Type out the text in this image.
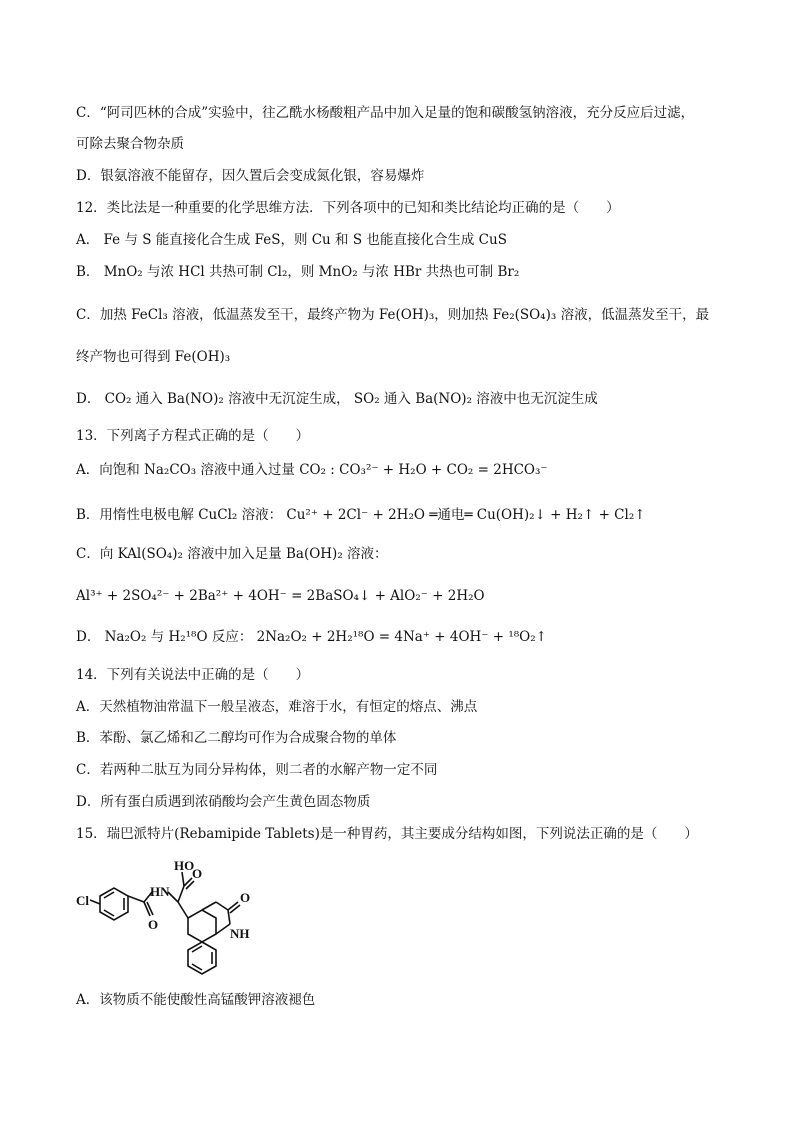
C．“阿司匹林的合成”实验中，往乙酰水杨酸粗产品中加入足量的饱和碳酸氢钠溶液，充分反应后过滤，
可除去聚合物杂质
D．银氨溶液不能留存，因久置后会变成氮化银，容易爆炸
12．类比法是一种重要的化学思维方法．下列各项中的已知和类比结论均正确的是（　　）
A． Fe 与 S 能直接化合生成 FeS，则 Cu 和 S 也能直接化合生成 CuS
B． MnO₂ 与浓 HCl 共热可制 Cl₂，则 MnO₂ 与浓 HBr 共热也可制 Br₂
C．加热 FeCl₃ 溶液，低温蒸发至干，最终产物为 Fe(OH)₃，则加热 Fe₂(SO₄)₃ 溶液，低温蒸发至干，最
终产物也可得到 Fe(OH)₃
D． CO₂ 通入 Ba(NO)₂ 溶液中无沉淀生成， SO₂ 通入 Ba(NO)₂ 溶液中也无沉淀生成
13．下列离子方程式正确的是（　　）
A．向饱和 Na₂CO₃ 溶液中通入过量 CO₂ : CO₃²⁻ + H₂O + CO₂ = 2HCO₃⁻
B．用惰性电极电解 CuCl₂ 溶液： Cu²⁺ + 2Cl⁻ + 2H₂O ═通电═ Cu(OH)₂↓ + H₂↑ + Cl₂↑
C．向 KAl(SO₄)₂ 溶液中加入足量 Ba(OH)₂ 溶液：
Al³⁺ + 2SO₄²⁻ + 2Ba²⁺ + 4OH⁻ = 2BaSO₄↓ + AlO₂⁻ + 2H₂O
D． Na₂O₂ 与 H₂¹⁸O 反应： 2Na₂O₂ + 2H₂¹⁸O = 4Na⁺ + 4OH⁻ + ¹⁸O₂↑
14．下列有关说法中正确的是（　　）
A．天然植物油常温下一般呈液态，难溶于水，有恒定的熔点、沸点
B．苯酚、氯乙烯和乙二醇均可作为合成聚合物的单体
C．若两种二肽互为同分异构体，则二者的水解产物一定不同
D．所有蛋白质遇到浓硝酸均会产生黄色固态物质
15．瑞巴派特片(Rebamipide Tablets)是一种胃药，其主要成分结构如图，下列说法正确的是（　　）
A．该物质不能使酸性高锰酸钾溶液褪色
Cl
HN
O
HO
O
O
NH
